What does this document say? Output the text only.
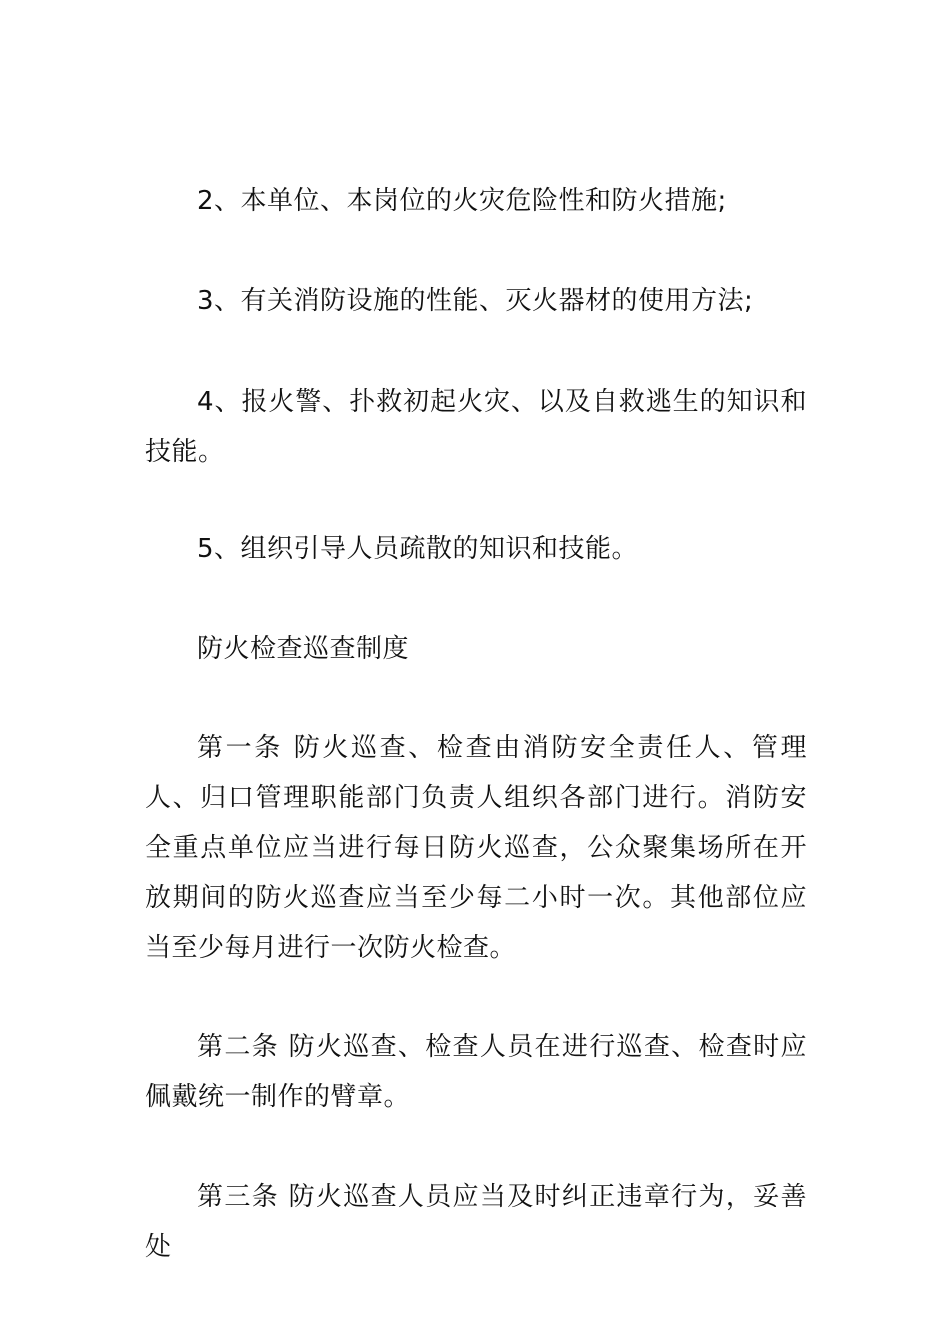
2、本单位、本岗位的火灾危险性和防火措施;

3、有关消防设施的性能、灭火器材的使用方法;

4、报火警、扑救初起火灾、以及自救逃生的知识和技能。

5、组织引导人员疏散的知识和技能。

防火检查巡查制度

第一条 防火巡查、检查由消防安全责任人、管理人、归口管理职能部门负责人组织各部门进行。消防安全重点单位应当进行每日防火巡查，公众聚集场所在开放期间的防火巡查应当至少每二小时一次。其他部位应当至少每月进行一次防火检查。

第二条 防火巡查、检查人员在进行巡查、检查时应佩戴统一制作的臂章。

第三条 防火巡查人员应当及时纠正违章行为，妥善处
